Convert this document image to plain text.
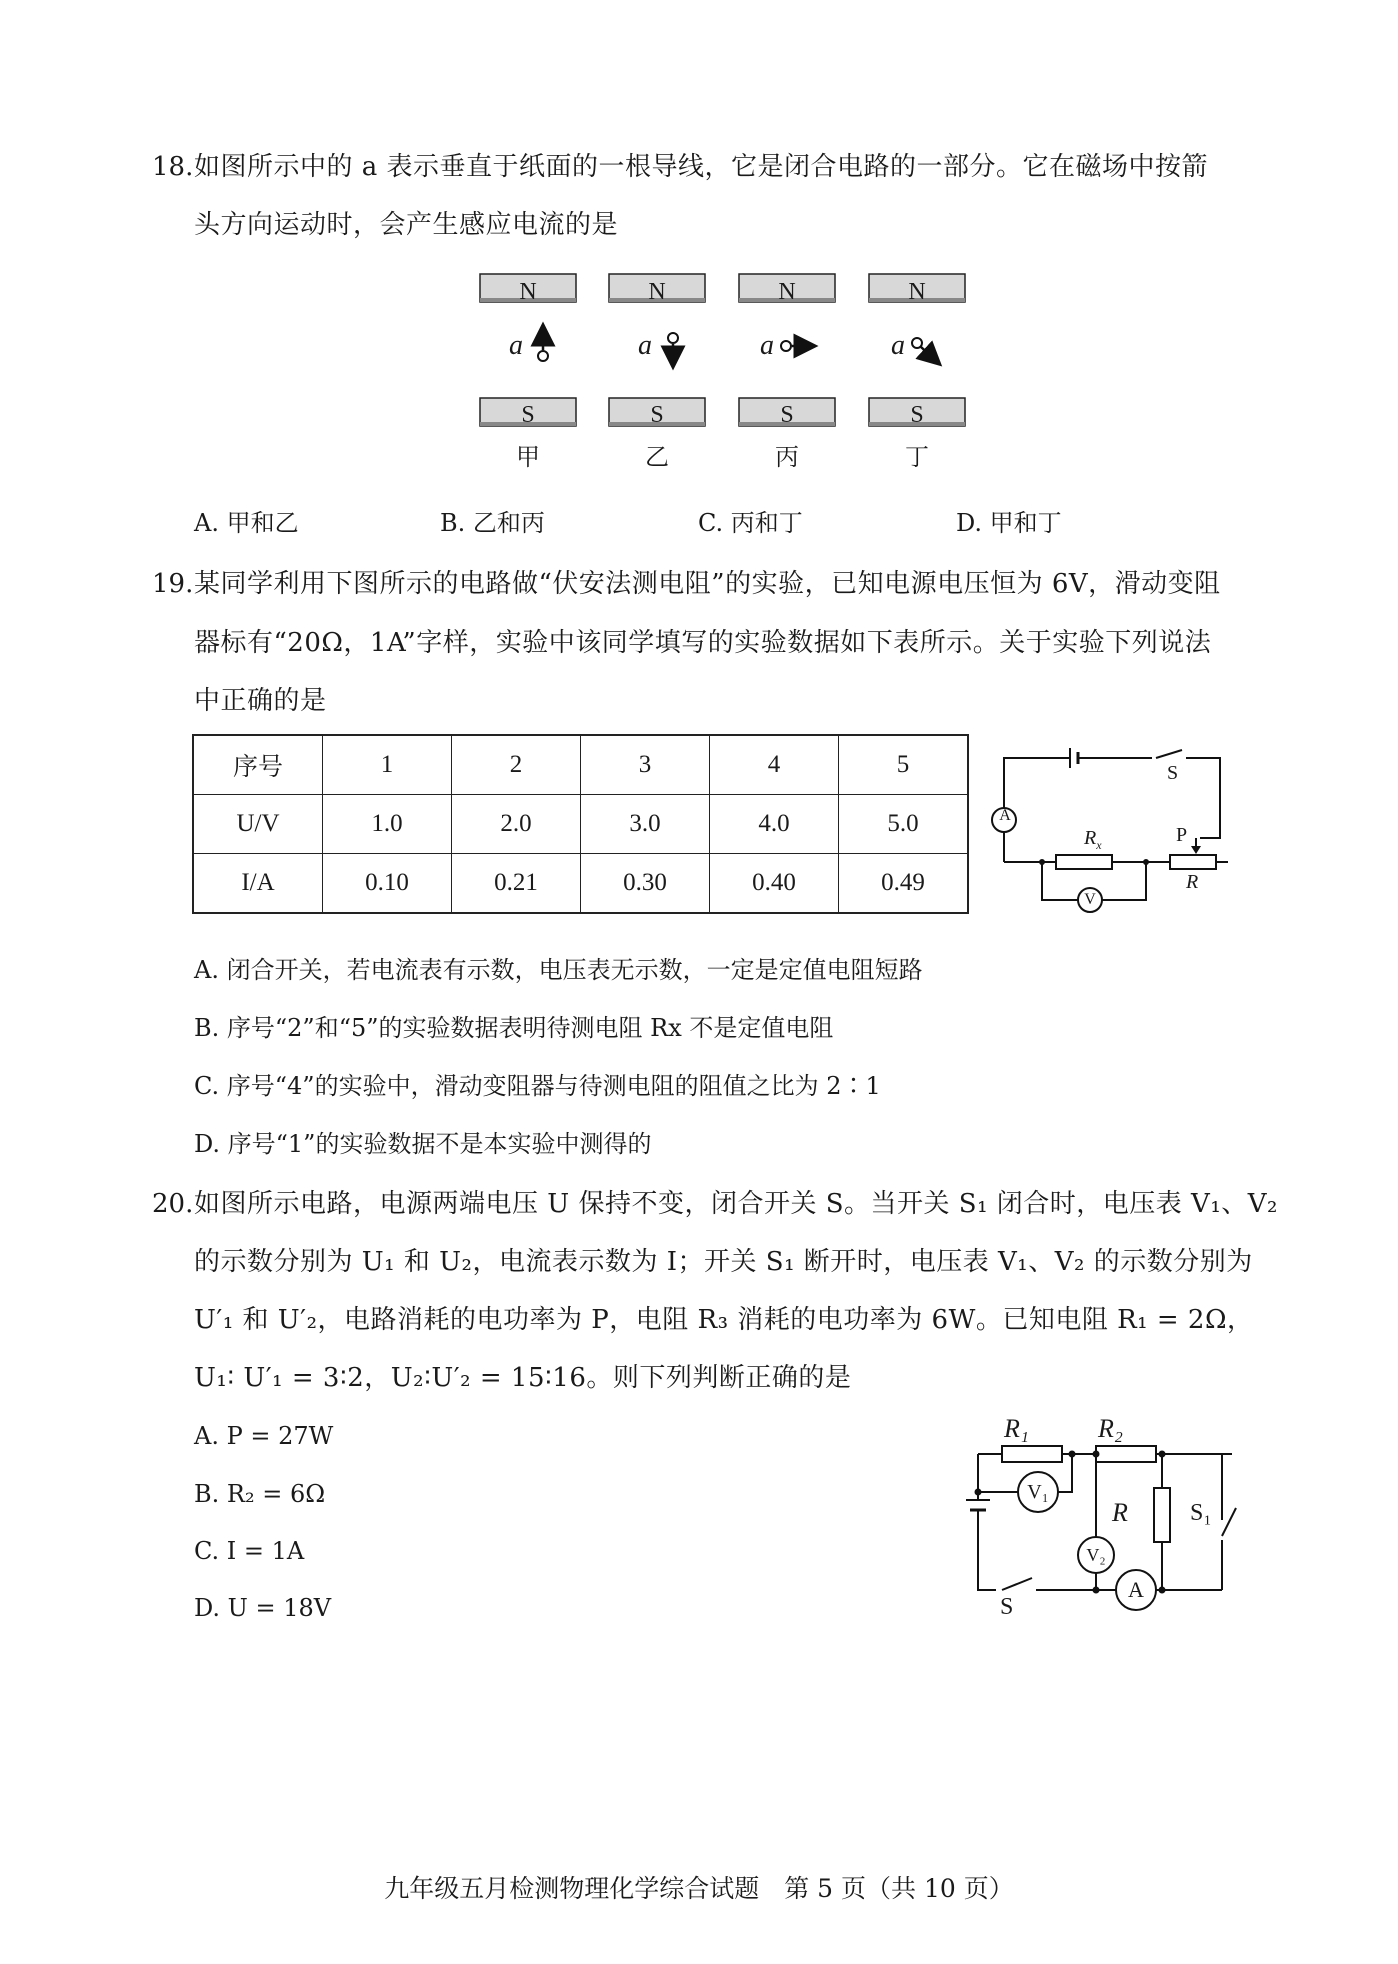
18. 如图所示中的 a 表示垂直于纸面的一根导线，它是闭合电路的一部分。它在磁场中按箭
头方向运动时，会产生感应电流的是
N	N	N	N
S	S	S	S
a	a	a	a
甲	乙	丙	丁
A. 甲和乙	B. 乙和丙	C. 丙和丁	D. 甲和丁
19. 某同学利用下图所示的电路做“伏安法测电阻”的实验，已知电源电压恒为 6V，滑动变阻
器标有“20Ω，1A”字样，实验中该同学填写的实验数据如下表所示。关于实验下列说法
中正确的是
序号	1	2	3	4	5
U/V	1.0	2.0	3.0	4.0	5.0
I/A	0.10	0.21	0.30	0.40	0.49
A
V
S
$R_x$	P
R
A. 闭合开关，若电流表有示数，电压表无示数，一定是定值电阻短路
B. 序号“2”和“5”的实验数据表明待测电阻 Rx 不是定值电阻
C. 序号“4”的实验中，滑动变阻器与待测电阻的阻值之比为 2∶1
D. 序号“1”的实验数据不是本实验中测得的
20. 如图所示电路，电源两端电压 U 保持不变，闭合开关 S。当开关 S₁ 闭合时，电压表 V₁、V₂
的示数分别为 U₁ 和 U₂，电流表示数为 I；开关 S₁ 断开时，电压表 V₁、V₂ 的示数分别为
U′₁ 和 U′₂，电路消耗的电功率为 P，电阻 R₃ 消耗的电功率为 6W。已知电阻 R₁ = 2Ω，
U₁∶ U′₁ = 3∶2，U₂∶U′₂ = 15∶16。则下列判断正确的是
A. P = 27W
B. R₂ = 6Ω
C. I = 1A
D. U = 18V
R₁	R₂
R
V₁
V₂
A
S₁
S
九年级五月检测物理化学综合试题　第 5 页（共 10 页）
